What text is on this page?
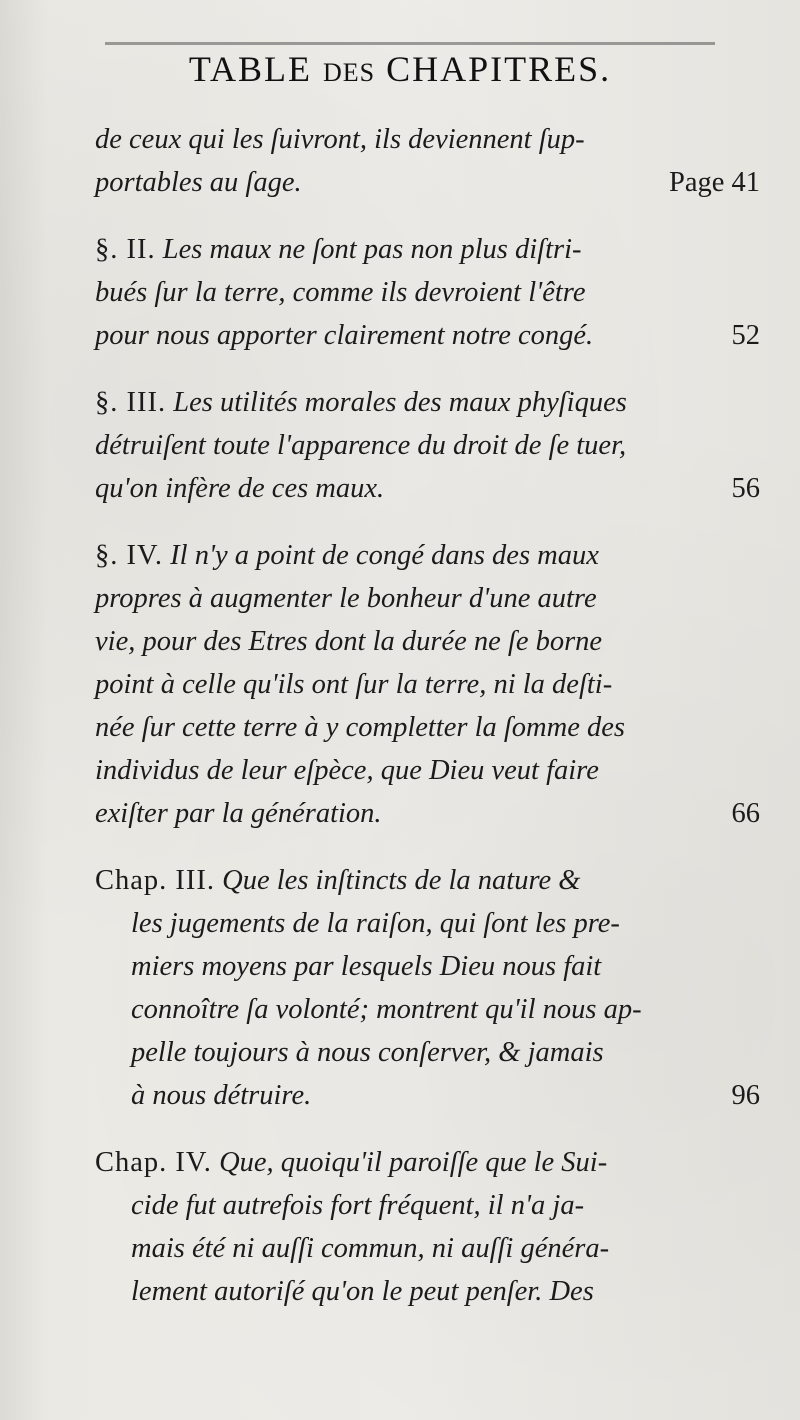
TABLE DES CHAPITRES.
de ceux qui les ſuivront, ils deviennent ſup-
portables au ſage.	Page 41
§. II. Les maux ne ſont pas non plus diſtri-
bués ſur la terre, comme ils devroient l'être
pour nous apporter clairement notre congé.	52
§. III. Les utilités morales des maux phyſiques
détruiſent toute l'apparence du droit de ſe tuer,
qu'on infère de ces maux.	56
§. IV. Il n'y a point de congé dans des maux
propres à augmenter le bonheur d'une autre
vie, pour des Etres dont la durée ne ſe borne
point à celle qu'ils ont ſur la terre, ni la deſti-
née ſur cette terre à y completter la ſomme des
individus de leur eſpèce, que Dieu veut faire
exiſter par la génération.	66
Chap. III. Que les inſtincts de la nature &
les jugements de la raiſon, qui ſont les pre-
miers moyens par lesquels Dieu nous fait
connoître ſa volonté; montrent qu'il nous ap-
pelle toujours à nous conſerver, & jamais
à nous détruire.	96
Chap. IV. Que, quoiqu'il paroiſſe que le Sui-
cide fut autrefois fort fréquent, il n'a ja-
mais été ni auſſi commun, ni auſſi généra-
lement autoriſé qu'on le peut penſer. Des
